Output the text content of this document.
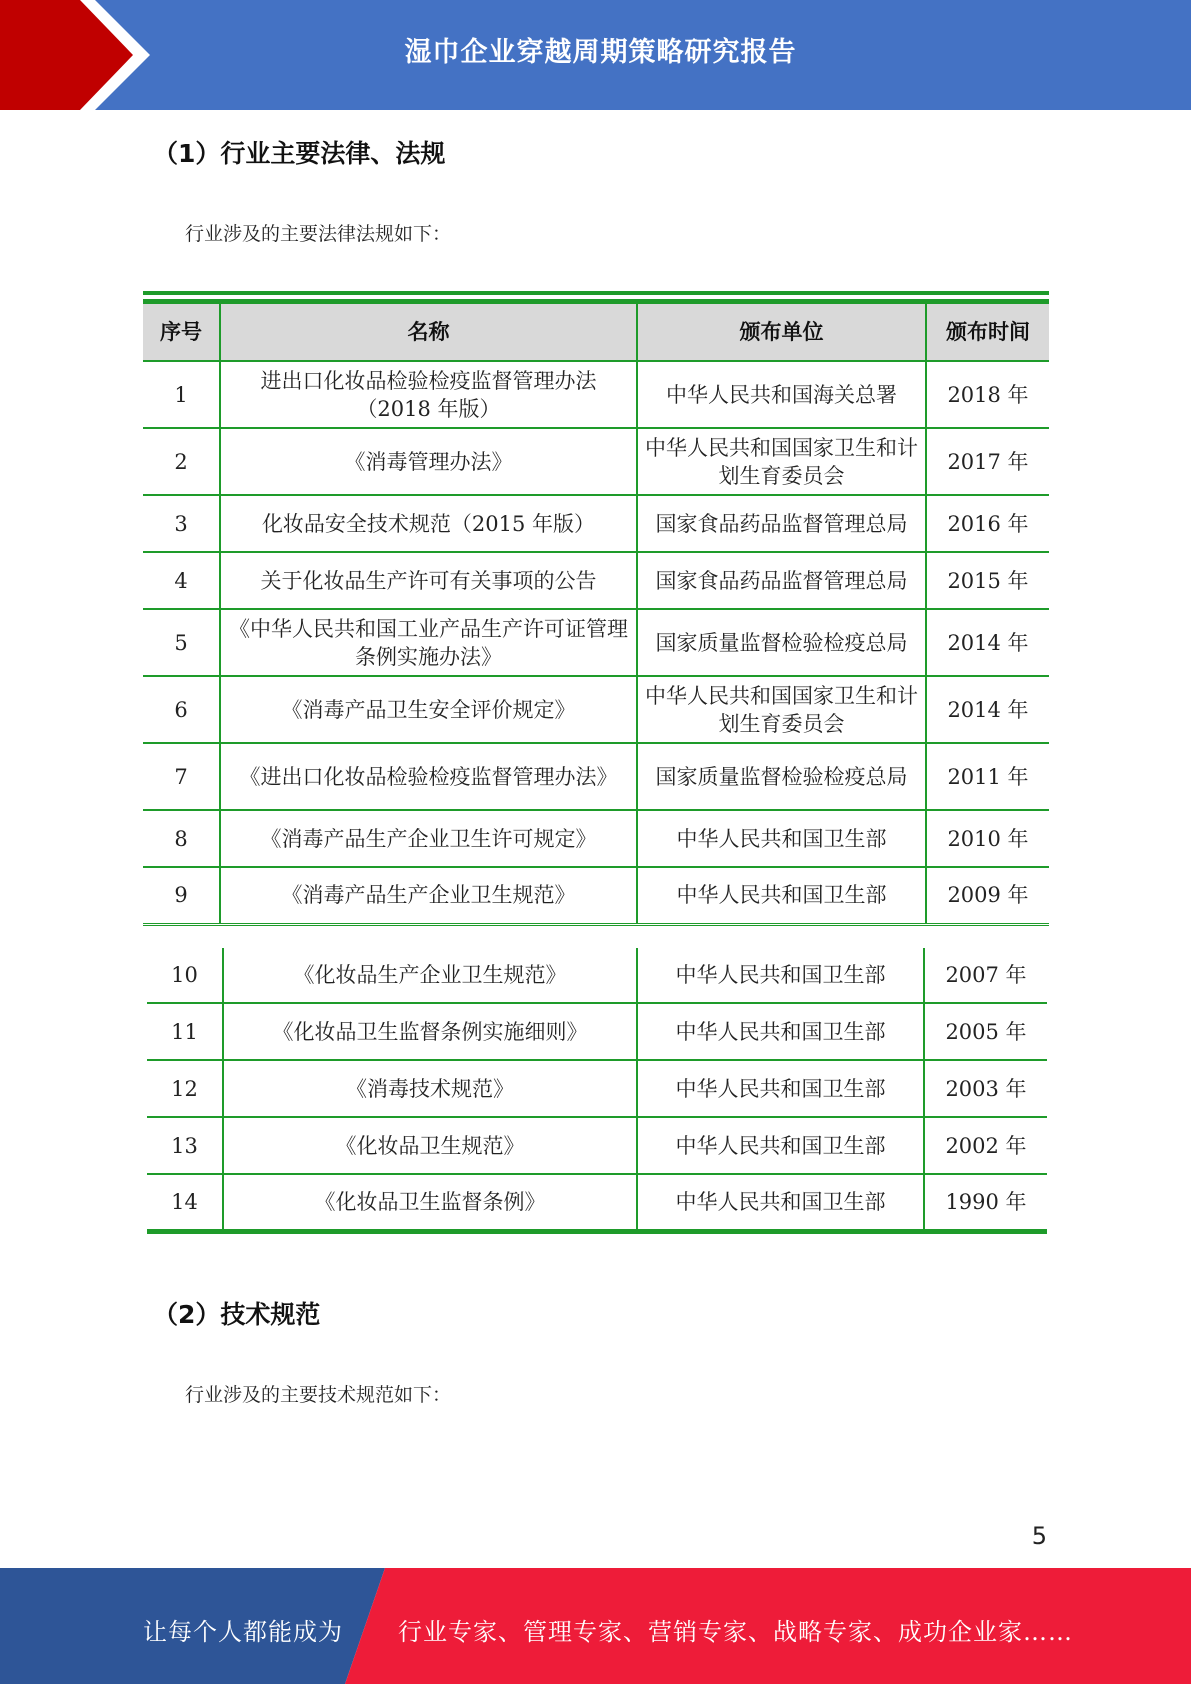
湿巾企业穿越周期策略研究报告
（1）行业主要法律、法规
行业涉及的主要法律法规如下：
序号	名称	颁布单位	颁布时间
1	进出口化妆品检验检疫监督管理办法（2018 年版）	中华人民共和国海关总署	2018 年
2	《消毒管理办法》	中华人民共和国国家卫生和计划生育委员会	2017 年
3	化妆品安全技术规范（2015 年版）	国家食品药品监督管理总局	2016 年
4	关于化妆品生产许可有关事项的公告	国家食品药品监督管理总局	2015 年
5	《中华人民共和国工业产品生产许可证管理条例实施办法》	国家质量监督检验检疫总局	2014 年
6	《消毒产品卫生安全评价规定》	中华人民共和国国家卫生和计划生育委员会	2014 年
7	《进出口化妆品检验检疫监督管理办法》	国家质量监督检验检疫总局	2011 年
8	《消毒产品生产企业卫生许可规定》	中华人民共和国卫生部	2010 年
9	《消毒产品生产企业卫生规范》	中华人民共和国卫生部	2009 年
10	《化妆品生产企业卫生规范》	中华人民共和国卫生部	2007 年
11	《化妆品卫生监督条例实施细则》	中华人民共和国卫生部	2005 年
12	《消毒技术规范》	中华人民共和国卫生部	2003 年
13	《化妆品卫生规范》	中华人民共和国卫生部	2002 年
14	《化妆品卫生监督条例》	中华人民共和国卫生部	1990 年
（2）技术规范
行业涉及的主要技术规范如下：
5
让每个人都能成为 行业专家、管理专家、营销专家、战略专家、成功企业家……
